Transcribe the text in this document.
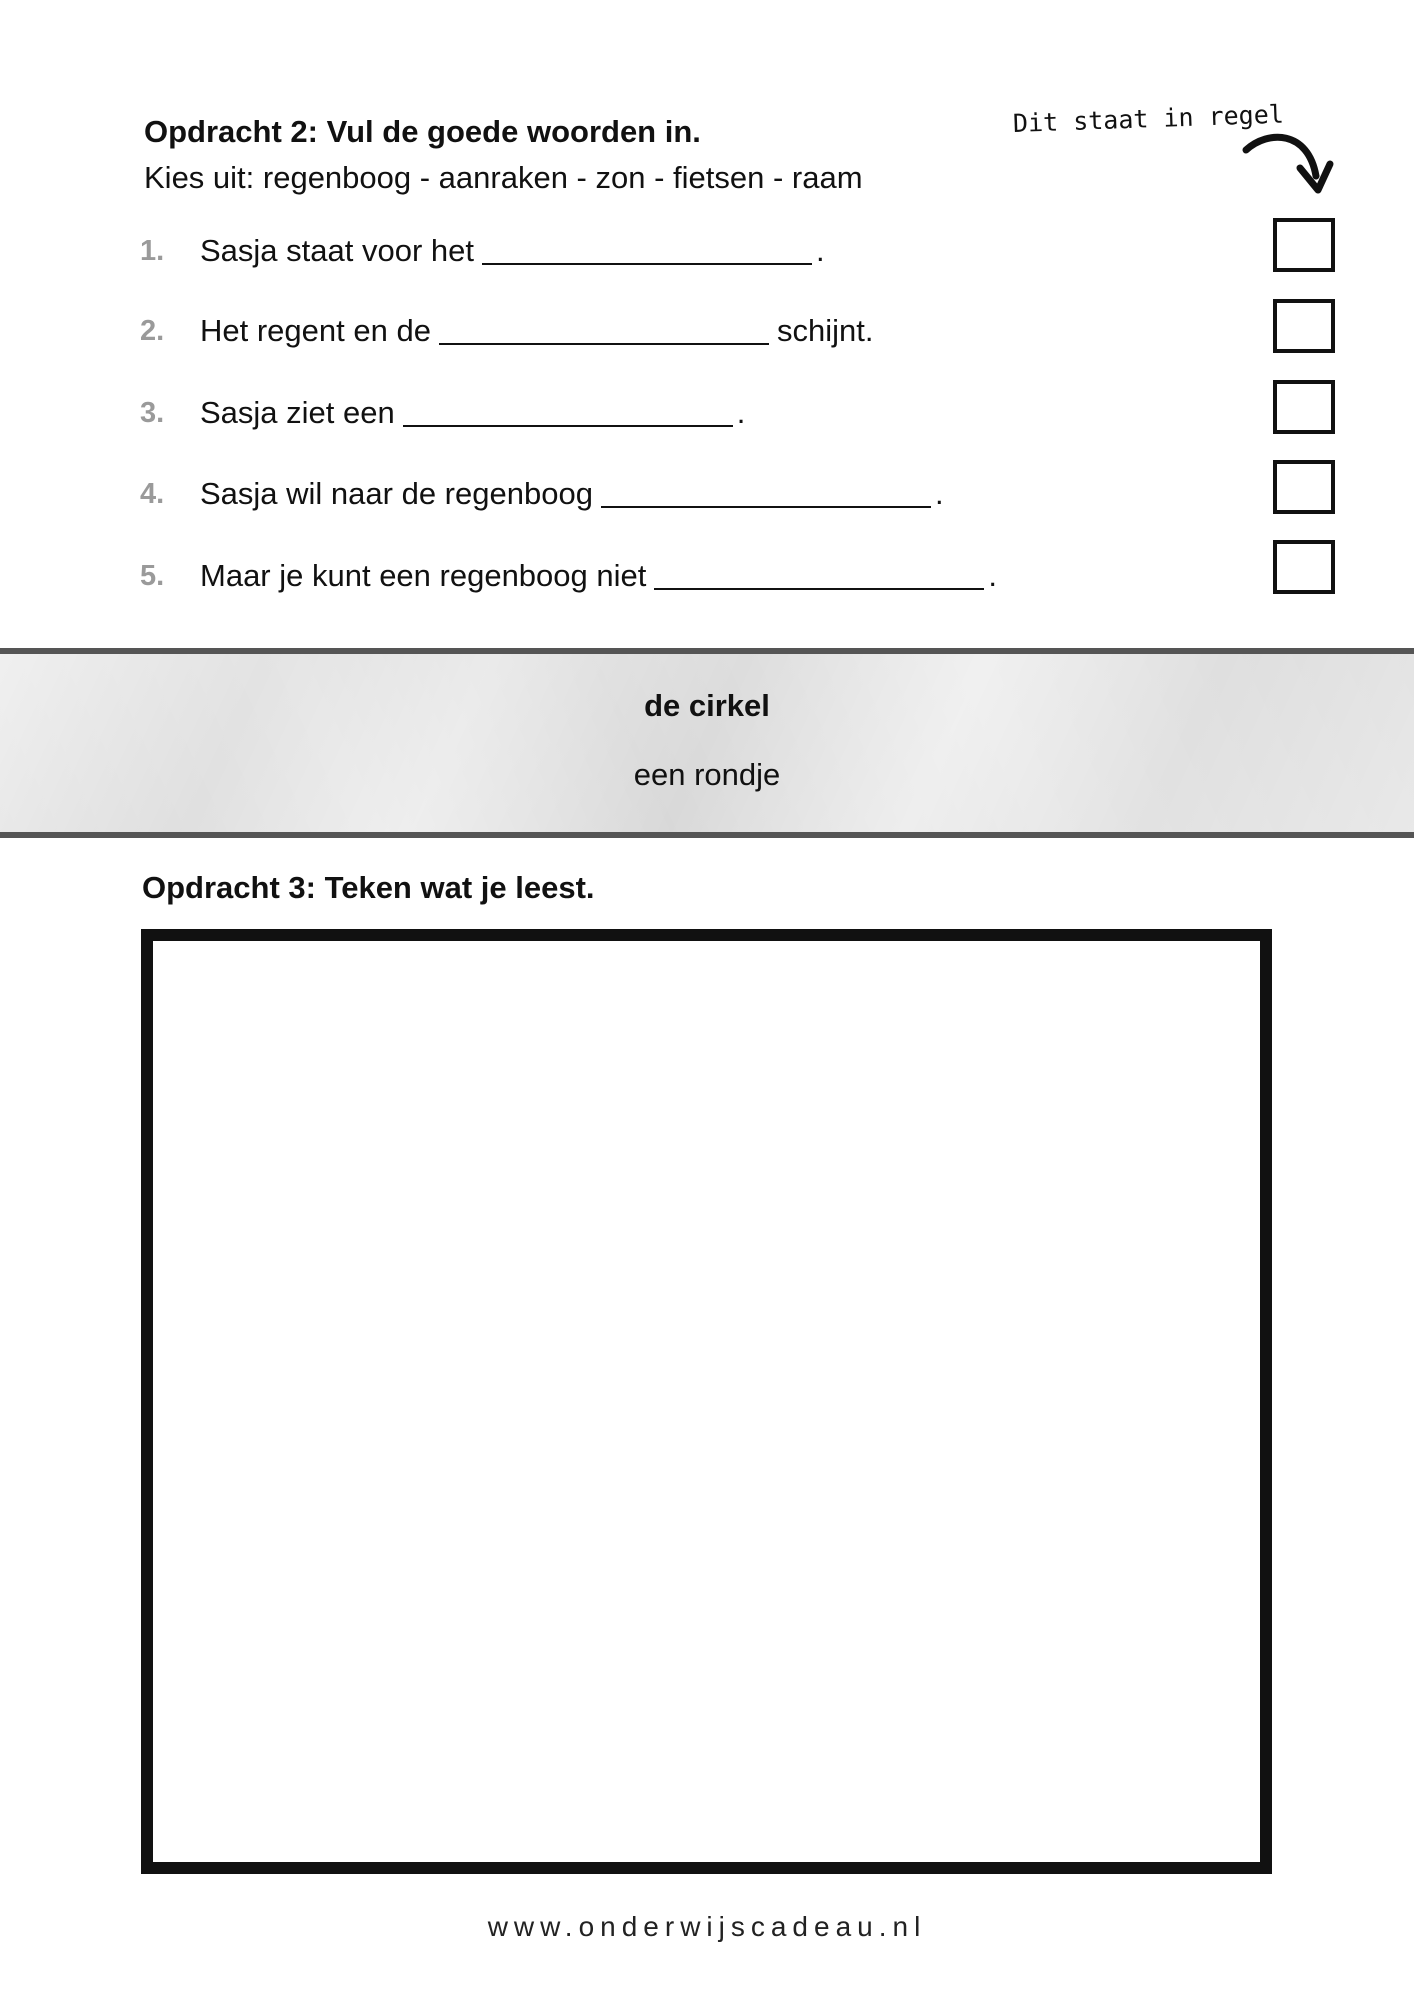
Opdracht 2: Vul de goede woorden in.
Kies uit: regenboog - aanraken - zon - fietsen - raam
Dit staat in regel
1.	Sasja staat voor het	.
2.	Het regent en de	schijnt.
3.	Sasja ziet een	.
4.	Sasja wil naar de regenboog	.
5.	Maar je kunt een regenboog niet	.
de cirkel
een rondje
Opdracht 3: Teken wat je leest.
www.onderwijscadeau.nl
